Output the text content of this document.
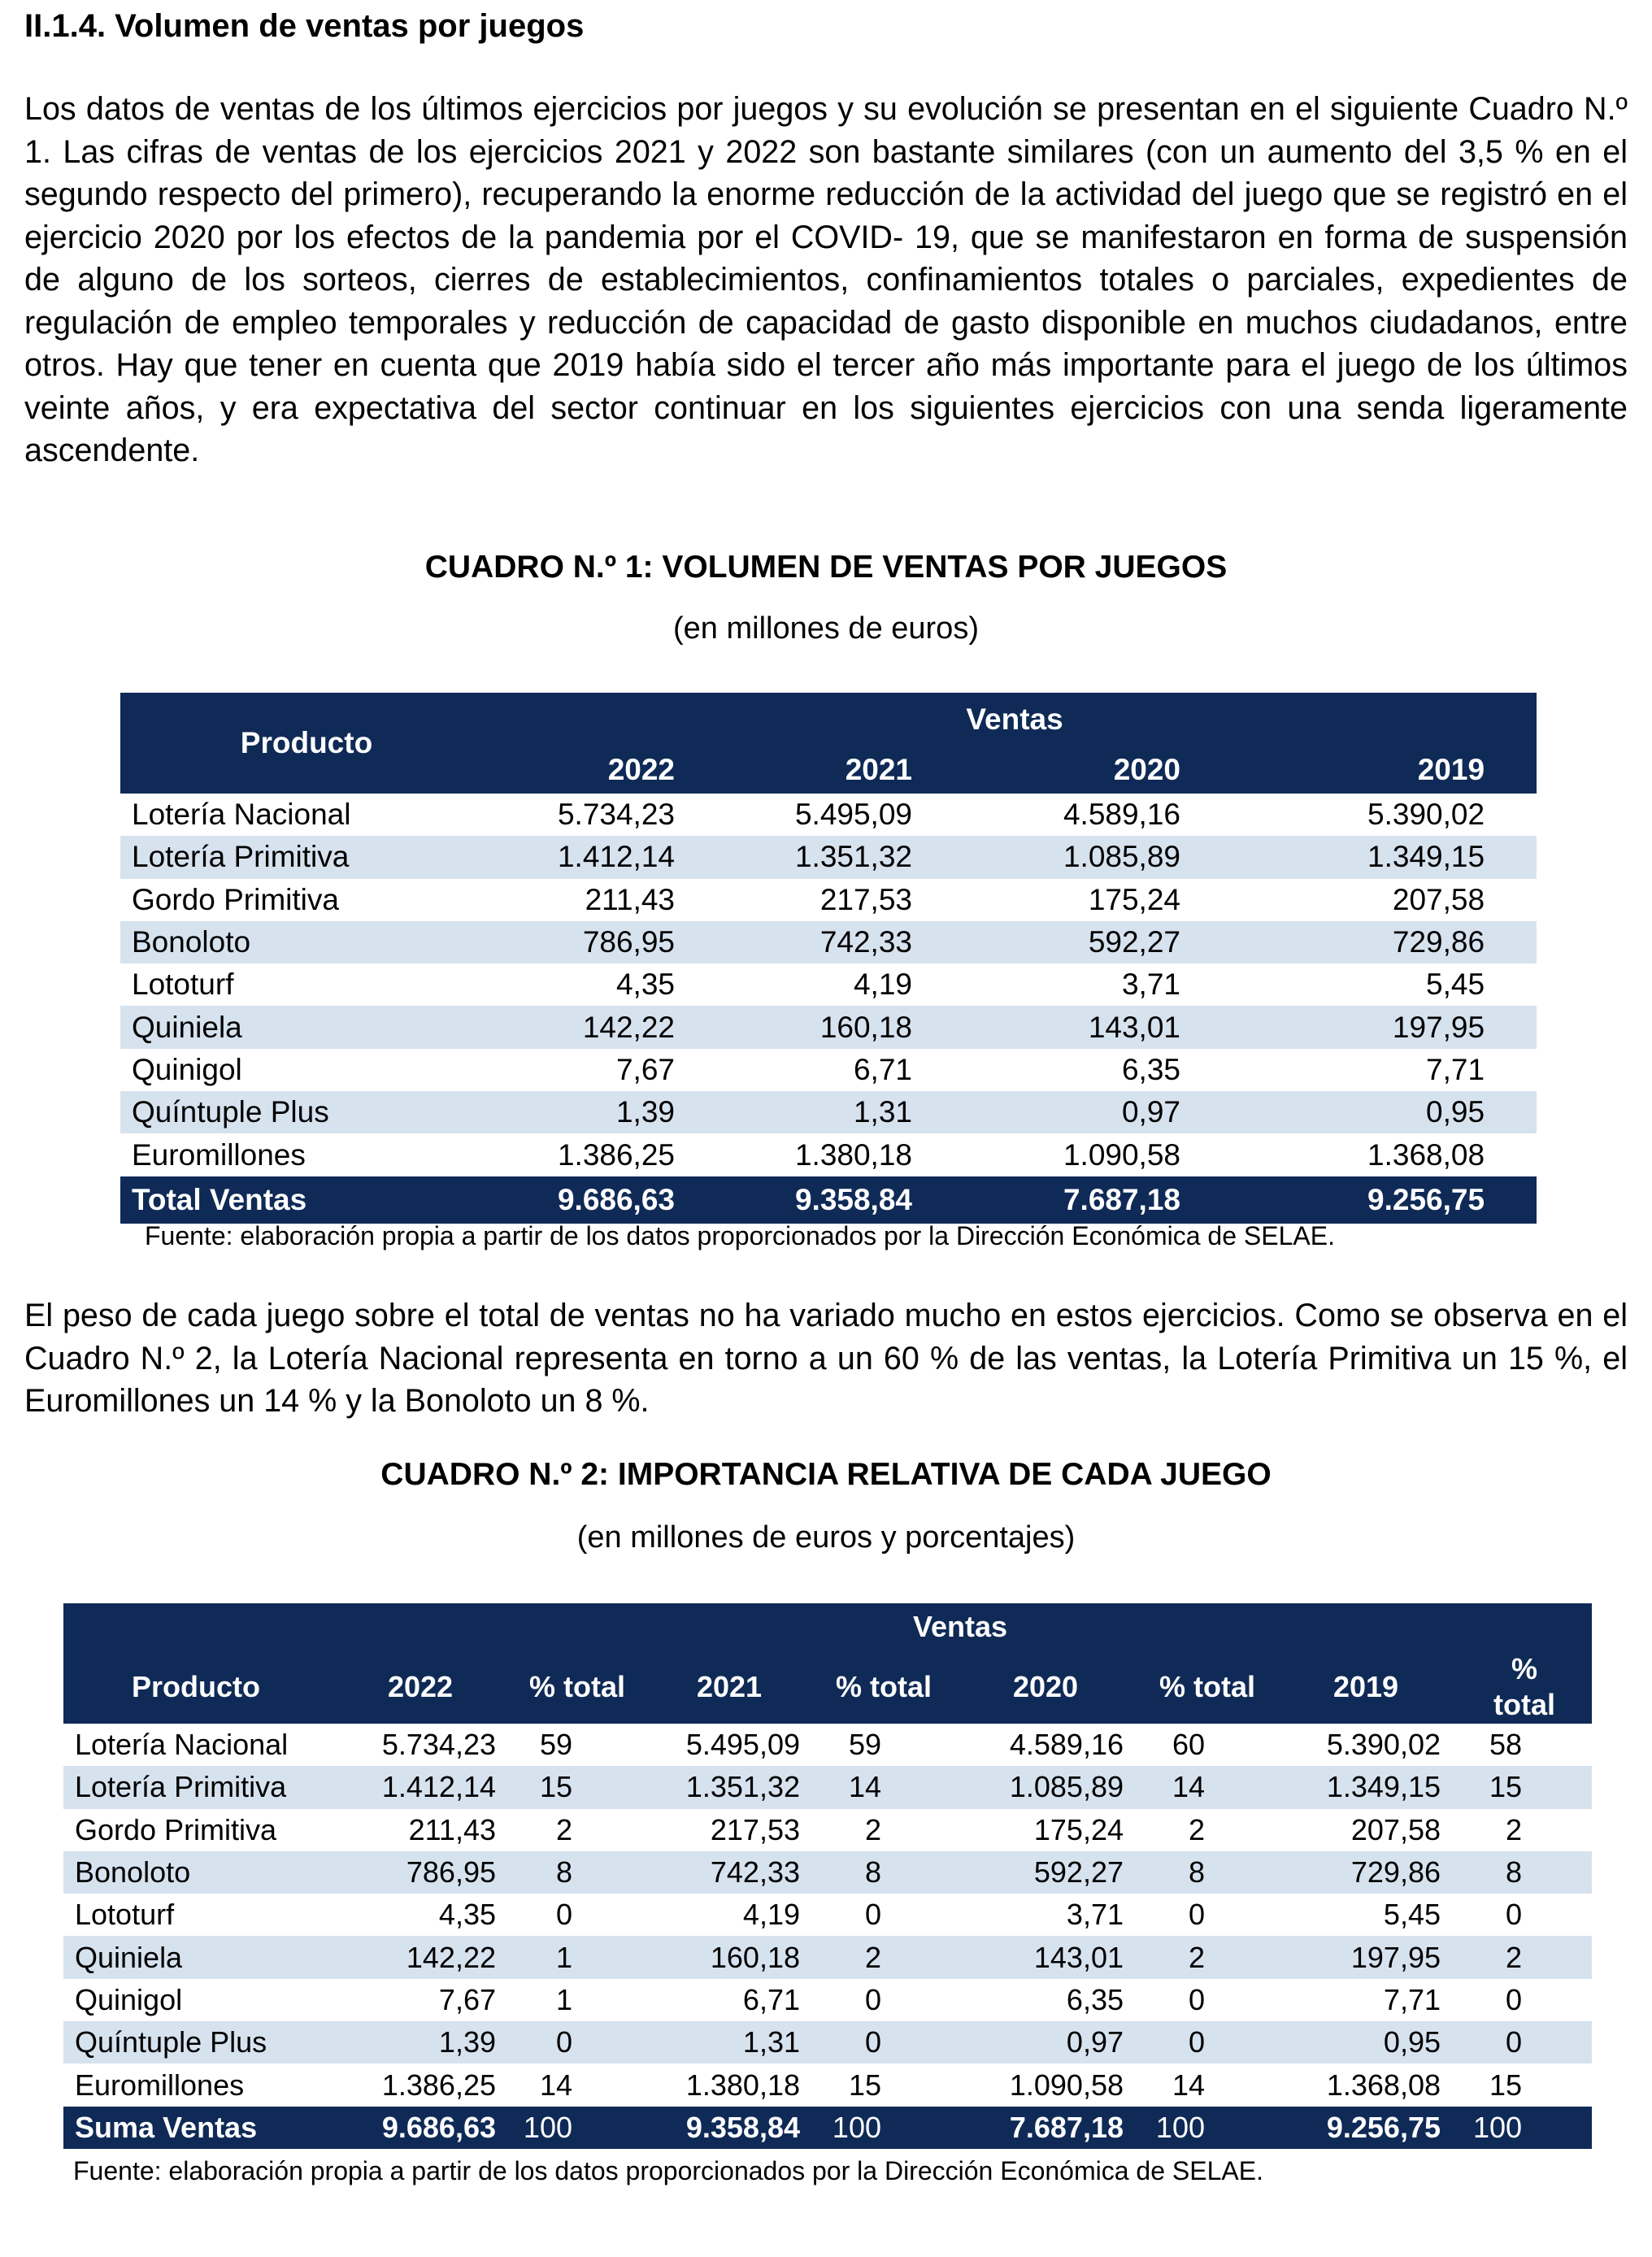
II.1.4. Volumen de ventas por juegos

Los datos de ventas de los últimos ejercicios por juegos y su evolución se presentan en el siguiente Cuadro N.º 1. Las cifras de ventas de los ejercicios 2021 y 2022 son bastante similares (con un aumento del 3,5 % en el segundo respecto del primero), recuperando la enorme reducción de la actividad del juego que se registró en el ejercicio 2020 por los efectos de la pandemia por el COVID- 19, que se manifestaron en forma de suspensión de alguno de los sorteos, cierres de establecimientos, confinamientos totales o parciales, expedientes de regulación de empleo temporales y reducción de capacidad de gasto disponible en muchos ciudadanos, entre otros. Hay que tener en cuenta que 2019 había sido el tercer año más importante para el juego de los últimos veinte años, y era expectativa del sector continuar en los siguientes ejercicios con una senda ligeramente ascendente.

CUADRO N.º 1: VOLUMEN DE VENTAS POR JUEGOS

(en millones de euros)

Producto	Ventas			
	2022	2021	2020	2019
Lotería Nacional	5.734,23	5.495,09	4.589,16	5.390,02
Lotería Primitiva	1.412,14	1.351,32	1.085,89	1.349,15
Gordo Primitiva	211,43	217,53	175,24	207,58
Bonoloto	786,95	742,33	592,27	729,86
Lototurf	4,35	4,19	3,71	5,45
Quiniela	142,22	160,18	143,01	197,95
Quinigol	7,67	6,71	6,35	7,71
Quíntuple Plus	1,39	1,31	0,97	0,95
Euromillones	1.386,25	1.380,18	1.090,58	1.368,08
Total Ventas	9.686,63	9.358,84	7.687,18	9.256,75

Fuente: elaboración propia a partir de los datos proporcionados por la Dirección Económica de SELAE.

El peso de cada juego sobre el total de ventas no ha variado mucho en estos ejercicios. Como se observa en el Cuadro N.º 2, la Lotería Nacional representa en torno a un 60 % de las ventas, la Lotería Primitiva un 15 %, el Euromillones un 14 % y la Bonoloto un 8 %.

CUADRO N.º 2: IMPORTANCIA RELATIVA DE CADA JUEGO

(en millones de euros y porcentajes)

	Ventas							
Producto	2022	% total	2021	% total	2020	% total	2019	%
total
Lotería Nacional	5.734,23	59	5.495,09	59	4.589,16	60	5.390,02	58
Lotería Primitiva	1.412,14	15	1.351,32	14	1.085,89	14	1.349,15	15
Gordo Primitiva	211,43	2	217,53	2	175,24	2	207,58	2
Bonoloto	786,95	8	742,33	8	592,27	8	729,86	8
Lototurf	4,35	0	4,19	0	3,71	0	5,45	0
Quiniela	142,22	1	160,18	2	143,01	2	197,95	2
Quinigol	7,67	1	6,71	0	6,35	0	7,71	0
Quíntuple Plus	1,39	0	1,31	0	0,97	0	0,95	0
Euromillones	1.386,25	14	1.380,18	15	1.090,58	14	1.368,08	15
Suma Ventas	9.686,63	100	9.358,84	100	7.687,18	100	9.256,75	100

Fuente: elaboración propia a partir de los datos proporcionados por la Dirección Económica de SELAE.
